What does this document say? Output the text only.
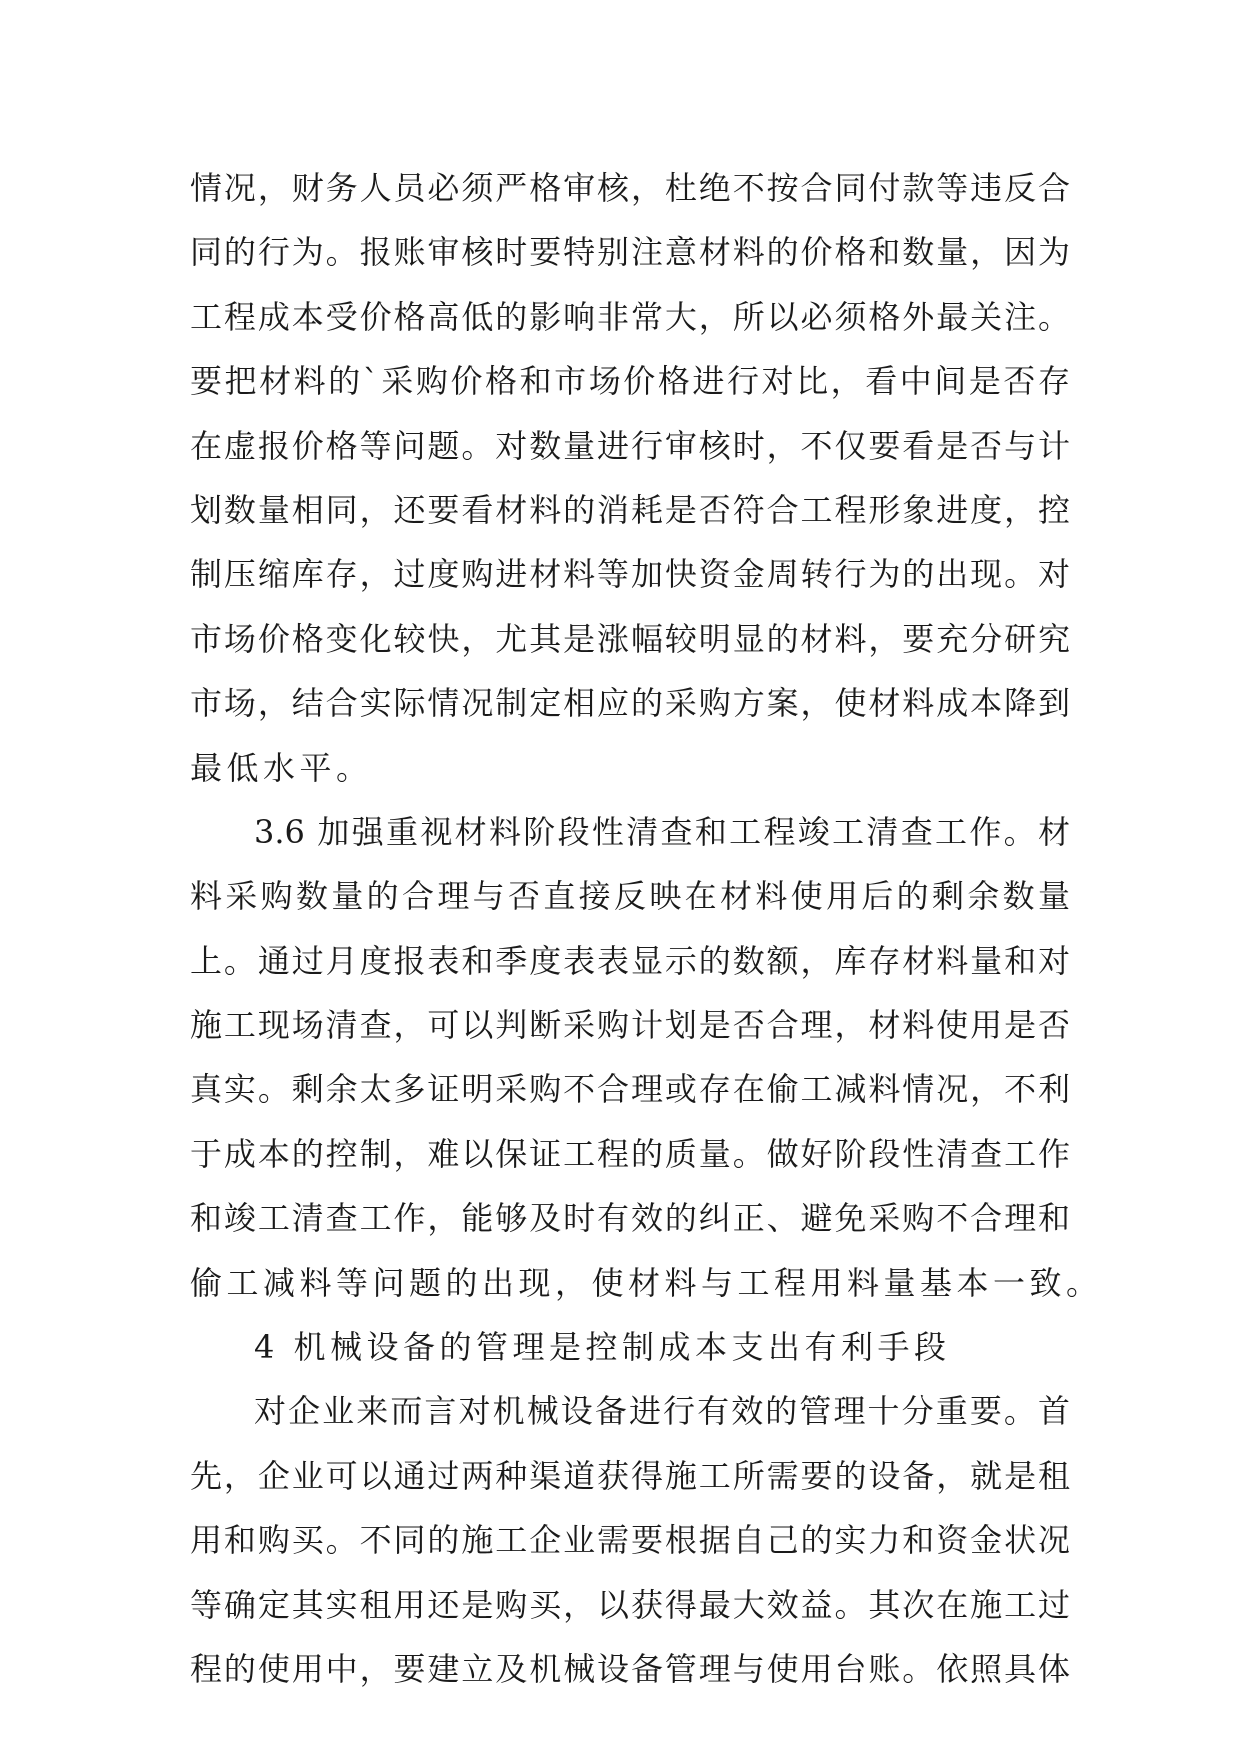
情况，财务人员必须严格审核，杜绝不按合同付款等违反合
同的行为。报账审核时要特别注意材料的价格和数量，因为
工程成本受价格高低的影响非常大，所以必须格外最关注。
要把材料的`采购价格和市场价格进行对比，看中间是否存
在虚报价格等问题。对数量进行审核时，不仅要看是否与计
划数量相同，还要看材料的消耗是否符合工程形象进度，控
制压缩库存，过度购进材料等加快资金周转行为的出现。对
市场价格变化较快，尤其是涨幅较明显的材料，要充分研究
市场，结合实际情况制定相应的采购方案，使材料成本降到
最低水平。
3.6 加强重视材料阶段性清查和工程竣工清查工作。材
料采购数量的合理与否直接反映在材料使用后的剩余数量
上。通过月度报表和季度表表显示的数额，库存材料量和对
施工现场清查，可以判断采购计划是否合理，材料使用是否
真实。剩余太多证明采购不合理或存在偷工减料情况，不利
于成本的控制，难以保证工程的质量。做好阶段性清查工作
和竣工清查工作，能够及时有效的纠正、避免采购不合理和
偷工减料等问题的出现，使材料与工程用料量基本一致。
4 机械设备的管理是控制成本支出有利手段
对企业来而言对机械设备进行有效的管理十分重要。首
先，企业可以通过两种渠道获得施工所需要的设备，就是租
用和购买。不同的施工企业需要根据自己的实力和资金状况
等确定其实租用还是购买，以获得最大效益。其次在施工过
程的使用中，要建立及机械设备管理与使用台账。依照具体
